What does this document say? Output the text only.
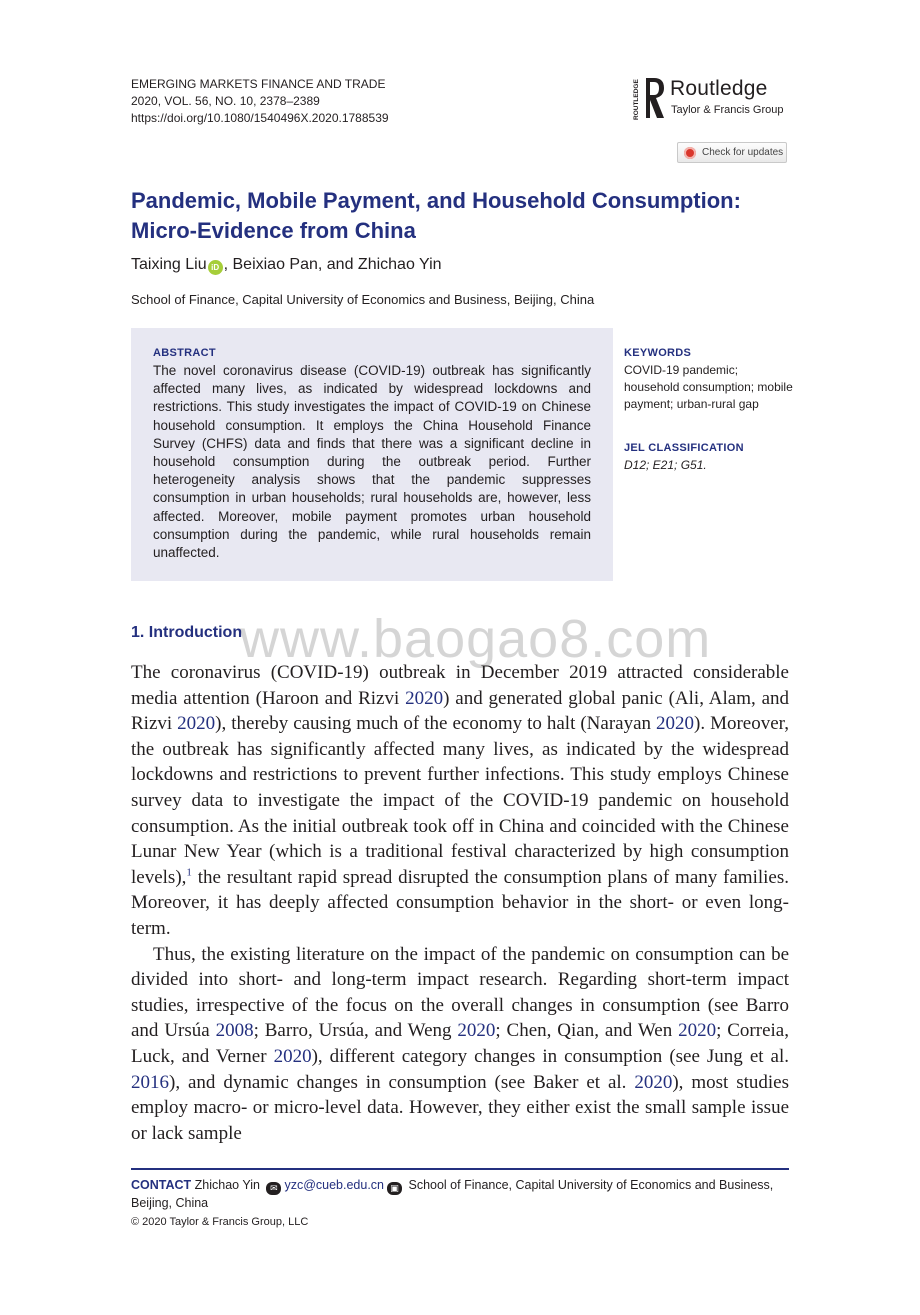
EMERGING MARKETS FINANCE AND TRADE
2020, VOL. 56, NO. 10, 2378–2389
https://doi.org/10.1080/1540496X.2020.1788539	ROUTLEDGE Routledge
Taylor & Francis Group
Check for updates
Pandemic, Mobile Payment, and Household Consumption:
Micro-Evidence from China
Taixing Liu iD , Beixiao Pan, and Zhichao Yin
School of Finance, Capital University of Economics and Business, Beijing, China
ABSTRACT
The novel coronavirus disease (COVID-19) outbreak has significantly affected many lives, as indicated by widespread lockdowns and restrictions. This study investigates the impact of COVID-19 on Chinese household consumption. It employs the China Household Finance Survey (CHFS) data and finds that there was a significant decline in household consumption during the outbreak period. Further heterogeneity analysis shows that the pandemic suppresses consumption in urban households; rural households are, however, less affected. Moreover, mobile payment promotes urban household consumption during the pandemic, while rural households remain unaffected.
KEYWORDS
COVID-19 pandemic; household consumption; mobile payment; urban-rural gap
JEL CLASSIFICATION
D12; E21; G51.
www.baogao8.com
1. Introduction

The coronavirus (COVID-19) outbreak in December 2019 attracted considerable media attention (Haroon and Rizvi 2020) and generated global panic (Ali, Alam, and Rizvi 2020), thereby causing much of the economy to halt (Narayan 2020). Moreover, the outbreak has significantly affected many lives, as indicated by the widespread lockdowns and restrictions to prevent further infections. This study employs Chinese survey data to investigate the impact of the COVID-19 pandemic on household consumption. As the initial outbreak took off in China and coincided with the Chinese Lunar New Year (which is a traditional festival characterized by high consumption levels),$^1$ the resultant rapid spread disrupted the consumption plans of many families. Moreover, it has deeply affected consumption behavior in the short- or even long-term.

Thus, the existing literature on the impact of the pandemic on consumption can be divided into short- and long-term impact research. Regarding short-term impact studies, irrespective of the focus on the overall changes in consumption (see Barro and Ursúa 2008; Barro, Ursúa, and Weng 2020; Chen, Qian, and Wen 2020; Correia, Luck, and Verner 2020), different category changes in consumption (see Jung et al. 2016), and dynamic changes in consumption (see Baker et al. 2020), most studies employ macro- or micro-level data. However, they either exist the small sample issue or lack sample

CONTACT Zhichao Yin ✉ yzc@cueb.edu.cn ▣ School of Finance, Capital University of Economics and Business, Beijing, China
© 2020 Taylor & Francis Group, LLC
